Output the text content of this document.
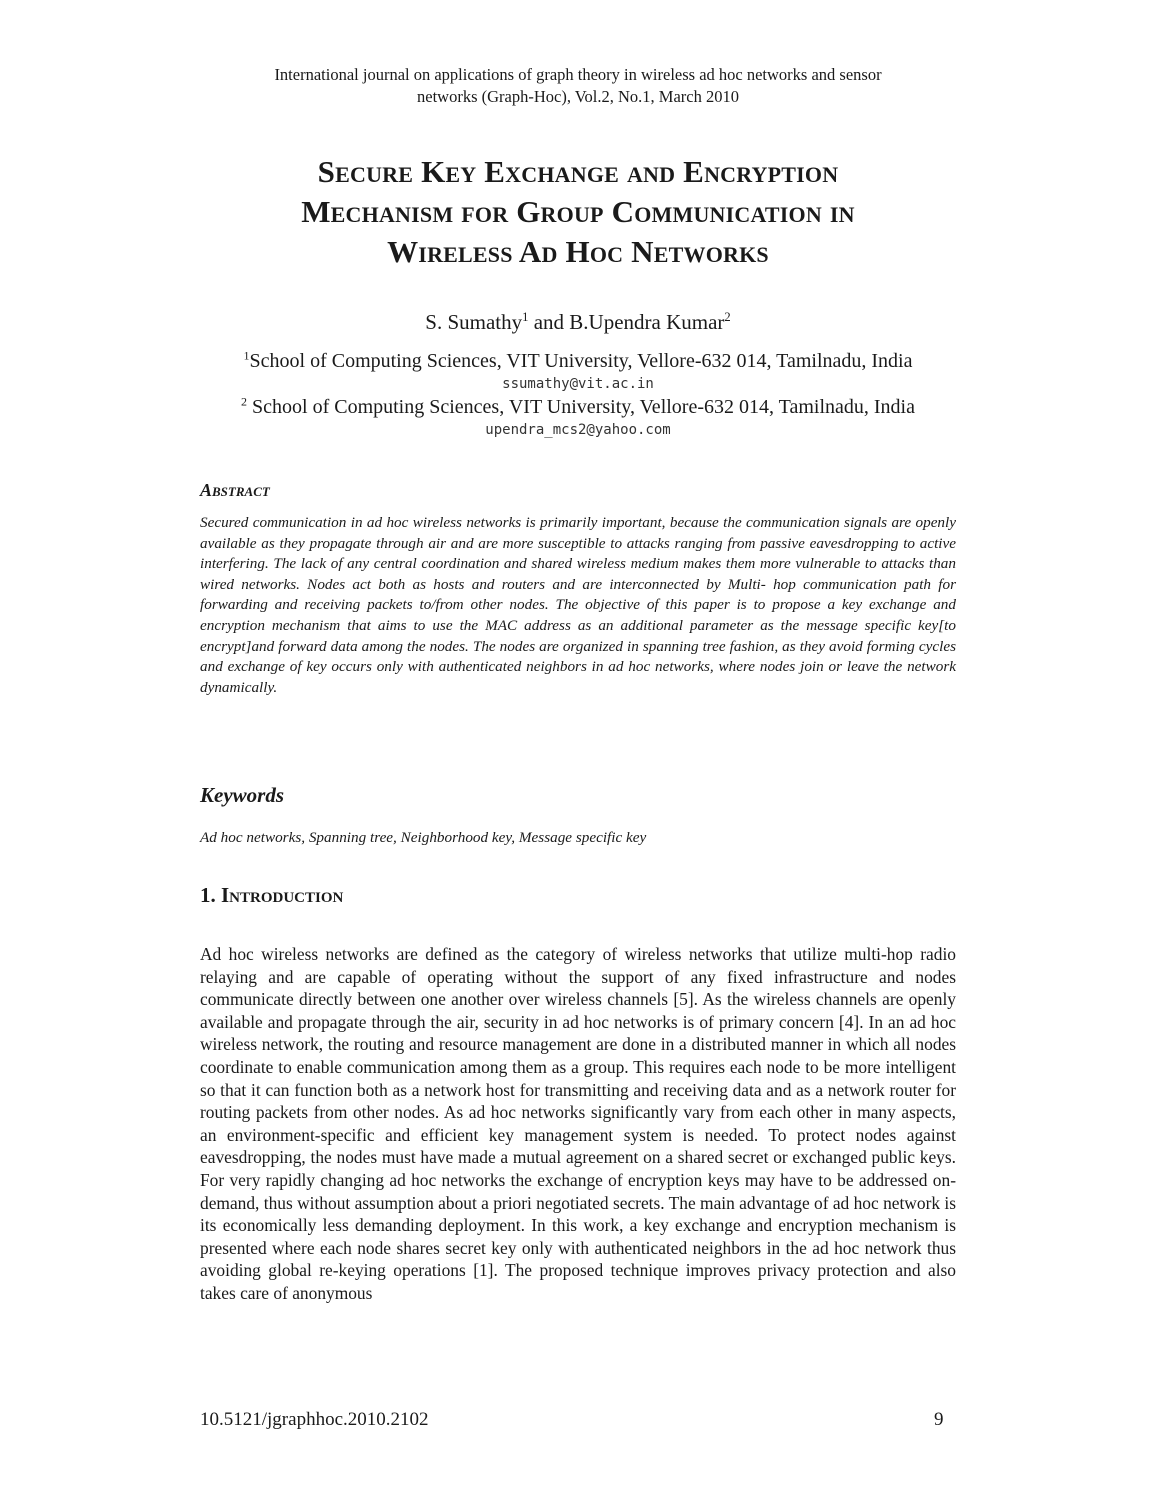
International journal on applications of graph theory in wireless ad hoc networks and sensor
networks (Graph-Hoc), Vol.2, No.1, March 2010
Secure Key Exchange and Encryption
Mechanism for Group Communication in
Wireless Ad Hoc Networks
S. Sumathy$^1$ and B.Upendra Kumar$^2$
$^1$School of Computing Sciences, VIT University, Vellore-632 014, Tamilnadu, India
ssumathy@vit.ac.in
$^2$ School of Computing Sciences, VIT University, Vellore-632 014, Tamilnadu, India
upendra_mcs2@yahoo.com
Abstract
Secured communication in ad hoc wireless networks is primarily important, because the communication signals are openly available as they propagate through air and are more susceptible to attacks ranging from passive eavesdropping to active interfering. The lack of any central coordination and shared wireless medium makes them more vulnerable to attacks than wired networks. Nodes act both as hosts and routers and are interconnected by Multi- hop communication path for forwarding and receiving packets to/from other nodes. The objective of this paper is to propose a key exchange and encryption mechanism that aims to use the MAC address as an additional parameter as the message specific key[to encrypt]and forward data among the nodes. The nodes are organized in spanning tree fashion, as they avoid forming cycles and exchange of key occurs only with authenticated neighbors in ad hoc networks, where nodes join or leave the network dynamically.
Keywords
Ad hoc networks, Spanning tree, Neighborhood key, Message specific key
1. Introduction
Ad hoc wireless networks are defined as the category of wireless networks that utilize multi-hop radio relaying and are capable of operating without the support of any fixed infrastructure and nodes communicate directly between one another over wireless channels [5]. As the wireless channels are openly available and propagate through the air, security in ad hoc networks is of primary concern [4]. In an ad hoc wireless network, the routing and resource management are done in a distributed manner in which all nodes coordinate to enable communication among them as a group. This requires each node to be more intelligent so that it can function both as a network host for transmitting and receiving data and as a network router for routing packets from other nodes. As ad hoc networks significantly vary from each other in many aspects, an environment-specific and efficient key management system is needed. To protect nodes against eavesdropping, the nodes must have made a mutual agreement on a shared secret or exchanged public keys. For very rapidly changing ad hoc networks the exchange of encryption keys may have to be addressed on-demand, thus without assumption about a priori negotiated secrets. The main advantage of ad hoc network is its economically less demanding deployment. In this work, a key exchange and encryption mechanism is presented where each node shares secret key only with authenticated neighbors in the ad hoc network thus avoiding global re-keying operations [1]. The proposed technique improves privacy protection and also takes care of anonymous
10.5121/jgraphhoc.2010.2102	9
